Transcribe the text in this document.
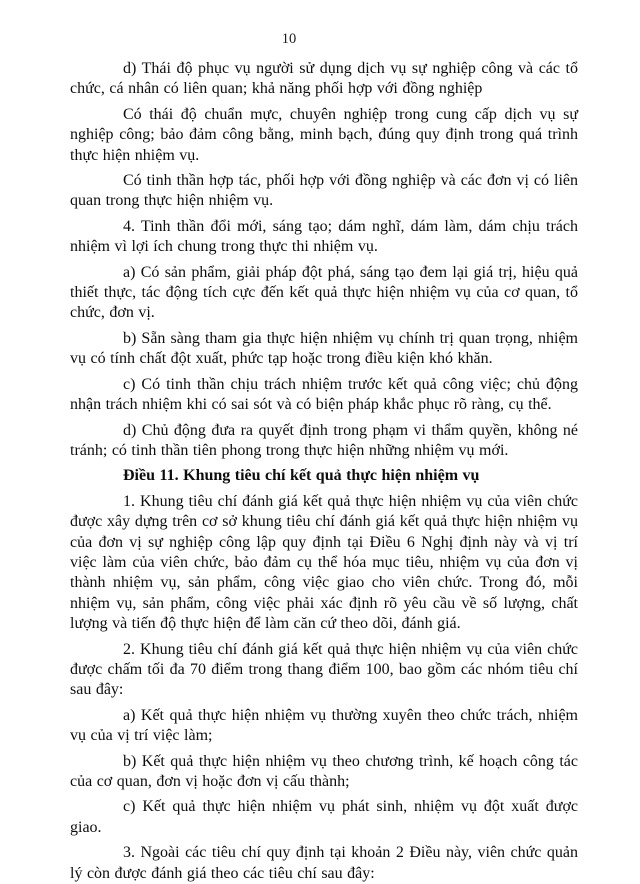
10

d) Thái độ phục vụ người sử dụng dịch vụ sự nghiệp công và các tổ chức, cá nhân có liên quan; khả năng phối hợp với đồng nghiệp

Có thái độ chuẩn mực, chuyên nghiệp trong cung cấp dịch vụ sự nghiệp công; bảo đảm công bằng, minh bạch, đúng quy định trong quá trình thực hiện nhiệm vụ.

Có tinh thần hợp tác, phối hợp với đồng nghiệp và các đơn vị có liên quan trong thực hiện nhiệm vụ.

4. Tinh thần đổi mới, sáng tạo; dám nghĩ, dám làm, dám chịu trách nhiệm vì lợi ích chung trong thực thi nhiệm vụ.

a) Có sản phẩm, giải pháp đột phá, sáng tạo đem lại giá trị, hiệu quả thiết thực, tác động tích cực đến kết quả thực hiện nhiệm vụ của cơ quan, tổ chức, đơn vị.

b) Sẵn sàng tham gia thực hiện nhiệm vụ chính trị quan trọng, nhiệm vụ có tính chất đột xuất, phức tạp hoặc trong điều kiện khó khăn.

c) Có tinh thần chịu trách nhiệm trước kết quả công việc; chủ động nhận trách nhiệm khi có sai sót và có biện pháp khắc phục rõ ràng, cụ thể.

d) Chủ động đưa ra quyết định trong phạm vi thẩm quyền, không né tránh; có tinh thần tiên phong trong thực hiện những nhiệm vụ mới.

Điều 11. Khung tiêu chí kết quả thực hiện nhiệm vụ

1. Khung tiêu chí đánh giá kết quả thực hiện nhiệm vụ của viên chức được xây dựng trên cơ sở khung tiêu chí đánh giá kết quả thực hiện nhiệm vụ của đơn vị sự nghiệp công lập quy định tại Điều 6 Nghị định này và vị trí việc làm của viên chức, bảo đảm cụ thể hóa mục tiêu, nhiệm vụ của đơn vị thành nhiệm vụ, sản phẩm, công việc giao cho viên chức. Trong đó, mỗi nhiệm vụ, sản phẩm, công việc phải xác định rõ yêu cầu về số lượng, chất lượng và tiến độ thực hiện để làm căn cứ theo dõi, đánh giá.

2. Khung tiêu chí đánh giá kết quả thực hiện nhiệm vụ của viên chức được chấm tối đa 70 điểm trong thang điểm 100, bao gồm các nhóm tiêu chí sau đây:

a) Kết quả thực hiện nhiệm vụ thường xuyên theo chức trách, nhiệm vụ của vị trí việc làm;

b) Kết quả thực hiện nhiệm vụ theo chương trình, kế hoạch công tác của cơ quan, đơn vị hoặc đơn vị cấu thành;

c) Kết quả thực hiện nhiệm vụ phát sinh, nhiệm vụ đột xuất được giao.

3. Ngoài các tiêu chí quy định tại khoản 2 Điều này, viên chức quản lý còn được đánh giá theo các tiêu chí sau đây:
